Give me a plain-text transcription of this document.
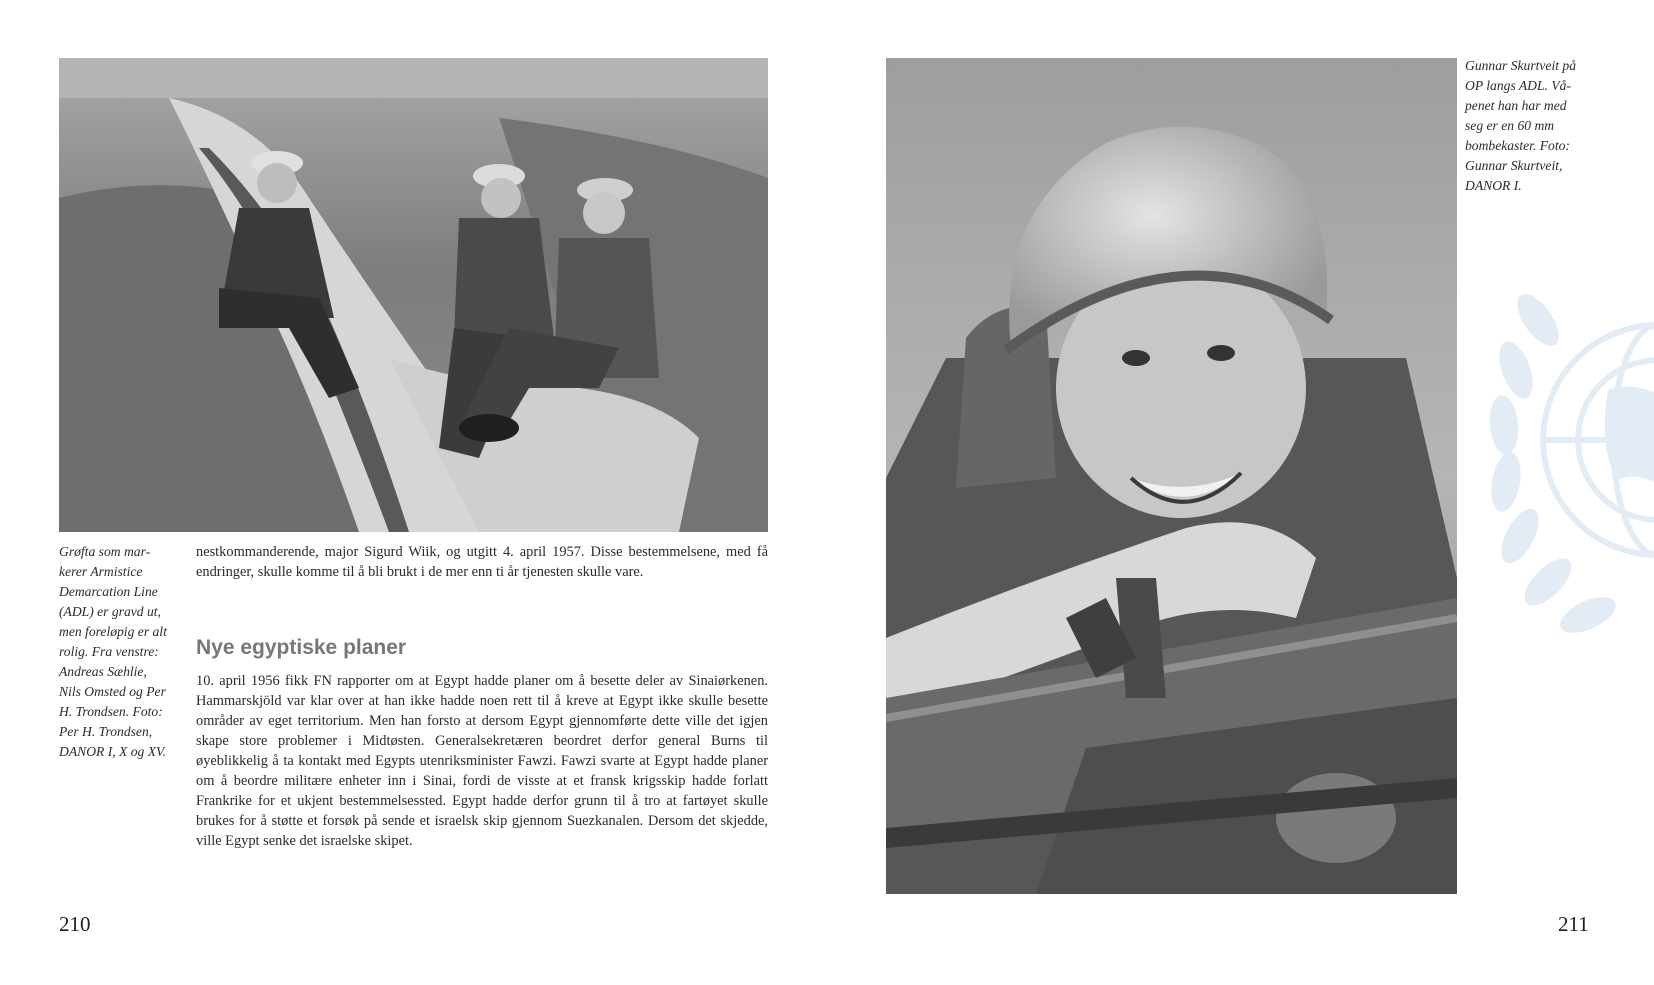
Grøfta som mar-
kerer Armistice
Demarcation Line
(ADL) er gravd ut,
men foreløpig er alt
rolig. Fra venstre:
Andreas Sæhlie,
Nils Omsted og Per
H. Trondsen. Foto:
Per H. Trondsen,
DANOR I, X og XV.

nestkommanderende, major Sigurd Wiik, og utgitt 4. april 1957. Disse bestemmelsene, med få endringer, skulle komme til å bli brukt i de mer enn ti år tjenesten skulle vare.

Nye egyptiske planer

10. april 1956 fikk FN rapporter om at Egypt hadde planer om å besette deler av Sinaiørkenen. Hammarskjöld var klar over at han ikke hadde noen rett til å kreve at Egypt ikke skulle besette områder av eget territorium. Men han forsto at dersom Egypt gjennomførte dette ville det igjen skape store problemer i Midtøsten. Generalsekretæren beordret derfor general Burns til øyeblikkelig å ta kontakt med Egypts utenriksminister Fawzi. Fawzi svarte at Egypt hadde planer om å beordre militære enheter inn i Sinai, fordi de visste at et fransk krigsskip hadde forlatt Frankrike for et ukjent bestemmelsessted. Egypt hadde derfor grunn til å tro at fartøyet skulle brukes for å støtte et forsøk på sende et israelsk skip gjennom Suezkanalen. Dersom det skjedde, ville Egypt senke det israelske skipet.

210

Gunnar Skurtveit på
OP langs ADL. Vå-
penet han har med
seg er en 60 mm
bombekaster. Foto:
Gunnar Skurtveit,
DANOR I.

211
